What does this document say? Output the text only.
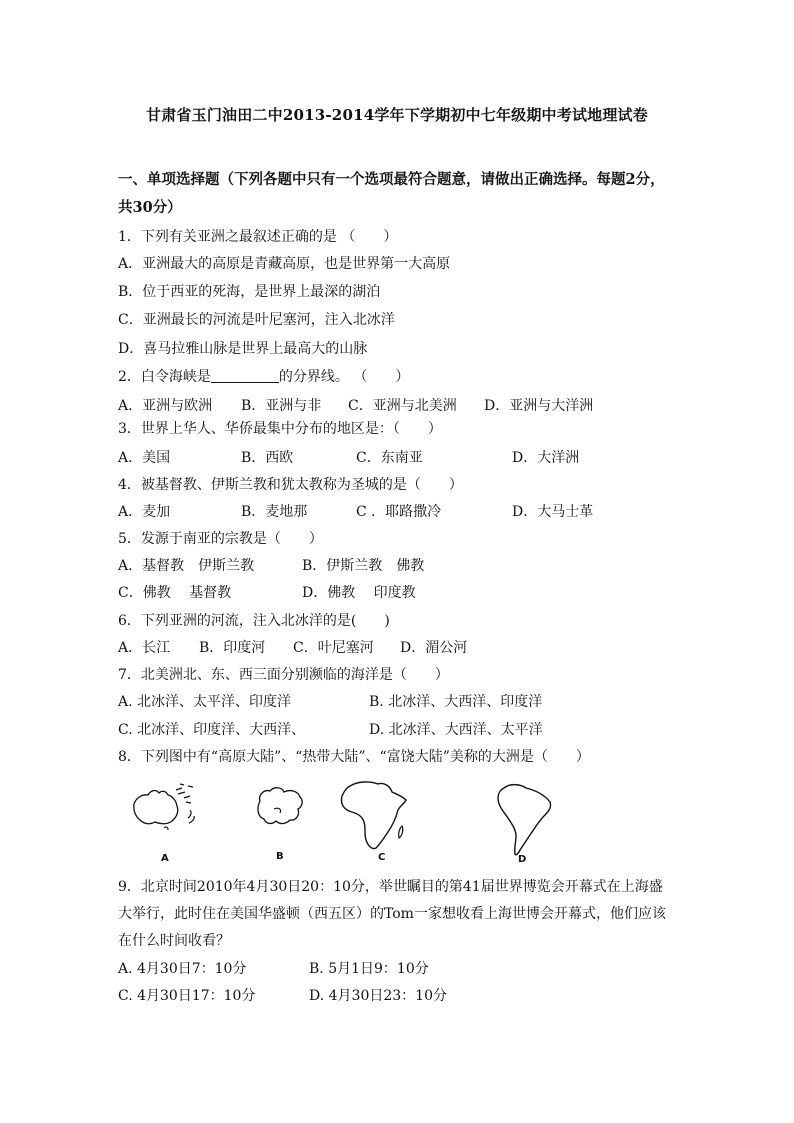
甘肃省玉门油田二中2013-2014学年下学期初中七年级期中考试地理试卷
一、单项选择题（下列各题中只有一个选项最符合题意，请做出正确选择。每题2分，共30分）
1．下列有关亚洲之最叙述正确的是 （　　）
A．亚洲最大的高原是青藏高原，也是世界第一大高原
B．位于西亚的死海，是世界上最深的湖泊
C．亚洲最长的河流是叶尼塞河，注入北冰洋
D．喜马拉雅山脉是世界上最高大的山脉
2．白令海峡是	的分界线。 （　　）
A．亚洲与欧洲 B．亚洲与非 C．亚洲与北美洲 D．亚洲与大洋洲
3．世界上华人、华侨最集中分布的地区是：（　　）
A．美国	B．西欧	C．东南亚	D．大洋洲
4．被基督教、伊斯兰教和犹太教称为圣城的是（　　）
A．麦加	B．麦地那	C ．耶路撒冷	D．大马士革
5．发源于南亚的宗教是（　　）
A．基督教　伊斯兰教	B．伊斯兰教　佛教
C．佛教　 基督教	D．佛教　 印度教
6．下列亚洲的河流，注入北冰洋的是(　　)
A．长江 B．印度河 C．叶尼塞河 D．湄公河
7．北美洲北、东、西三面分别濒临的海洋是（　　）
A. 北冰洋、太平洋、印度洋	B. 北冰洋、大西洋、印度洋
C. 北冰洋、印度洋、大西洋、	D. 北冰洋、大西洋、太平洋
8．下列图中有“高原大陆”、“热带大陆”、“富饶大陆”美称的大洲是（　　）
A	B	C	D
9．北京时间2010年4月30日20：10分，举世瞩目的第41届世界博览会开幕式在上海盛
大举行，此时住在美国华盛顿（西五区）的Tom一家想收看上海世博会开幕式，他们应该
在什么时间收看？
A. 4月30日7：10分	B. 5月1日9：10分
C. 4月30日17：10分	D. 4月30日23：10分
